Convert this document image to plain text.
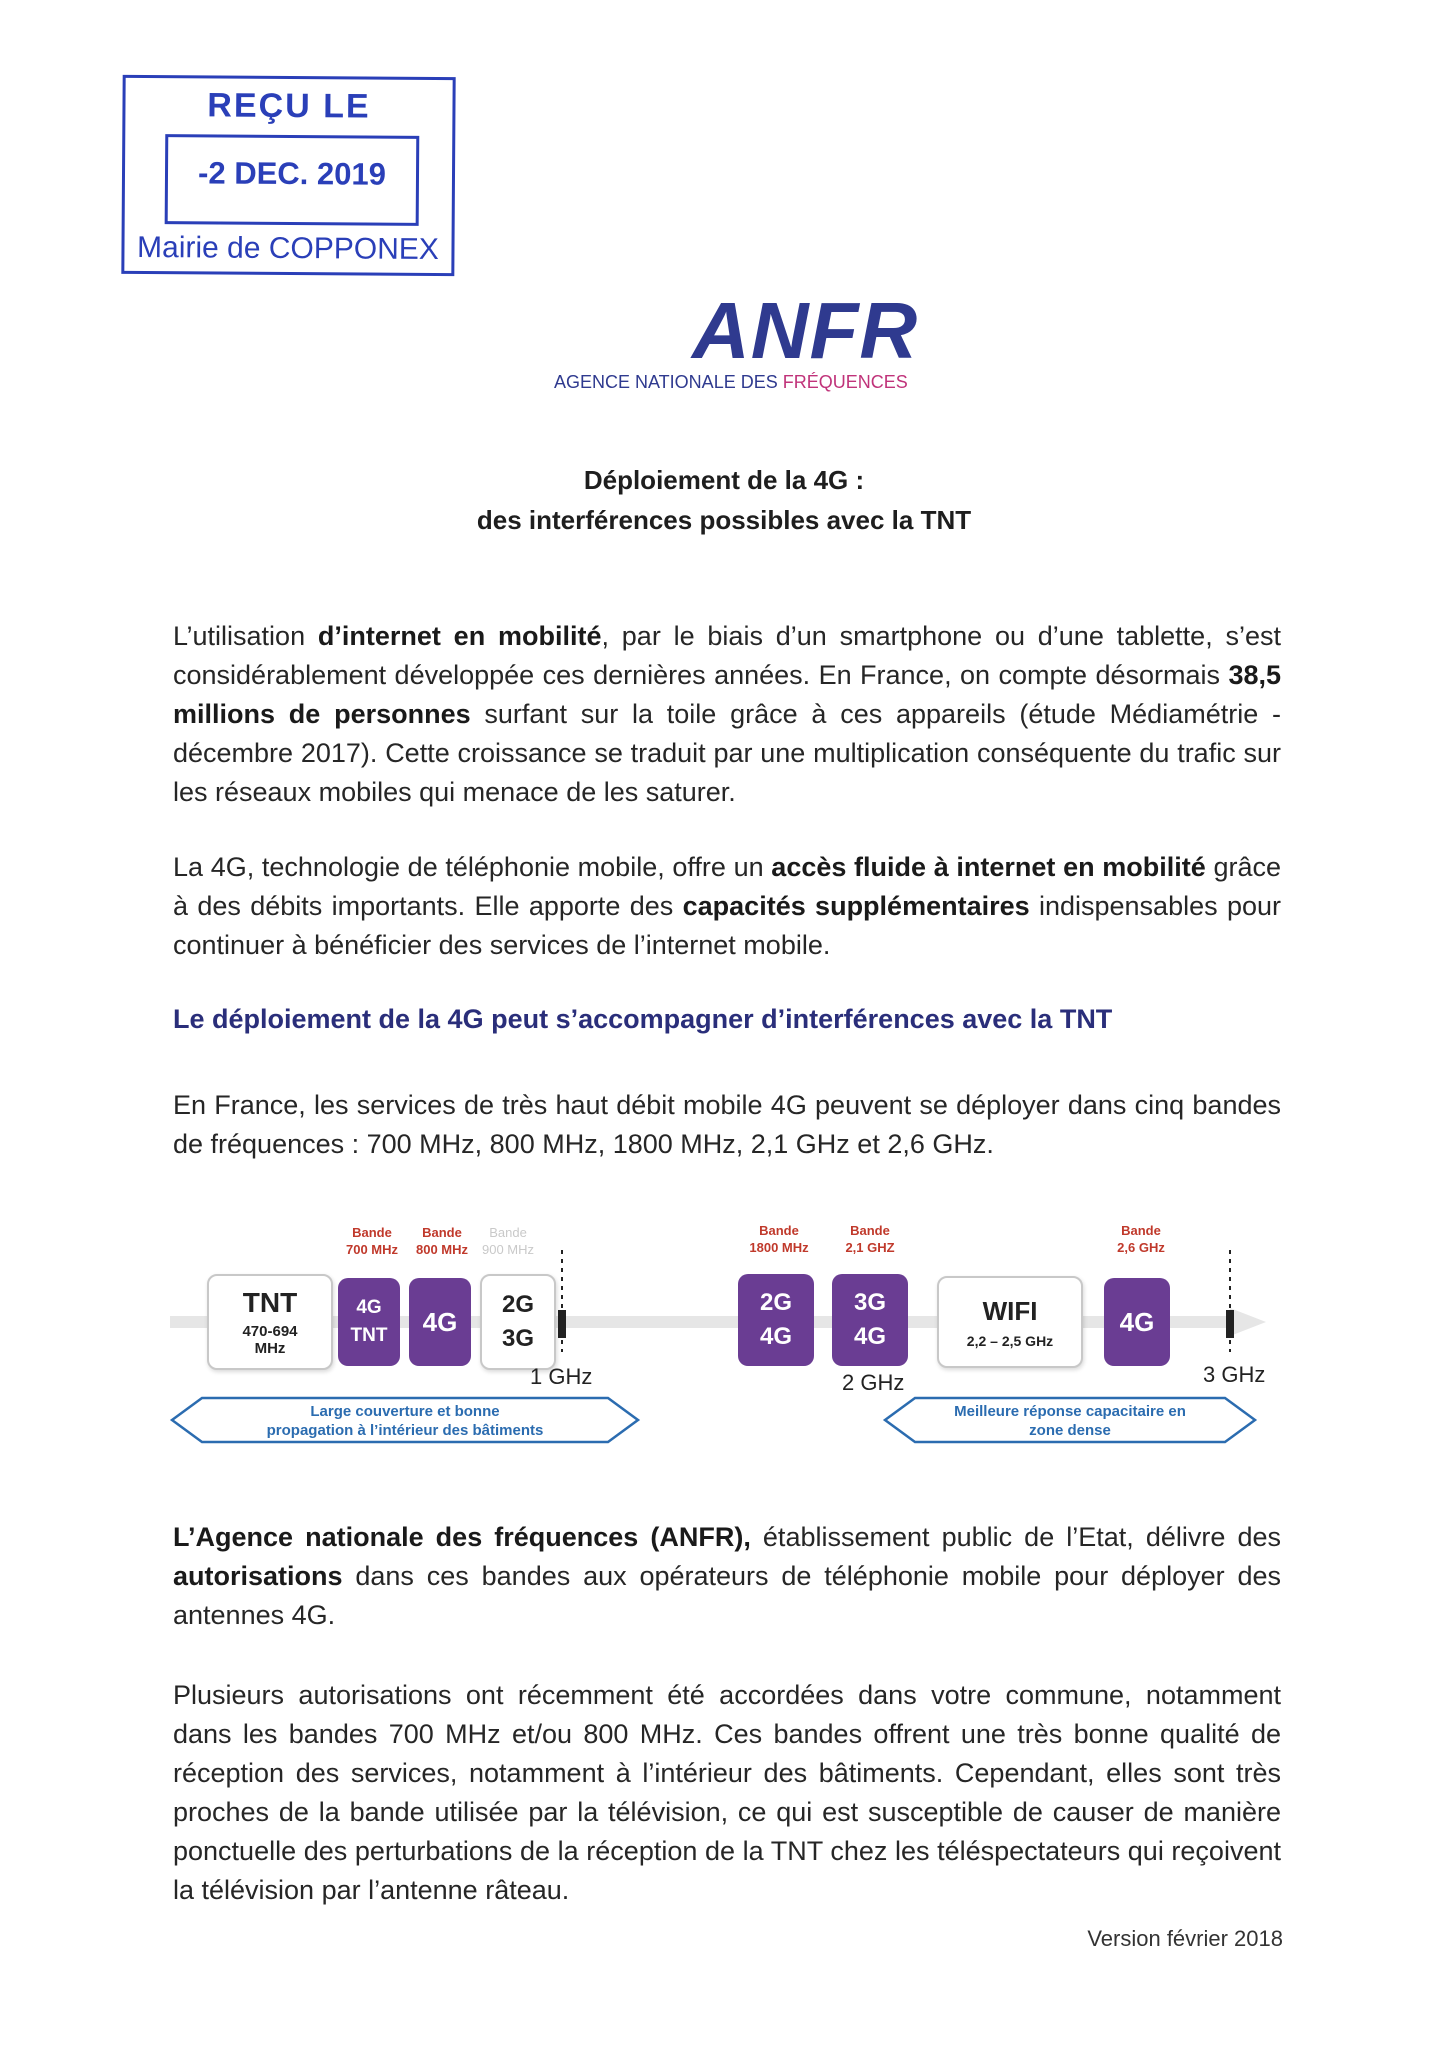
REÇU LE
-2 DEC. 2019
Mairie de COPPONEX
ANFR
AGENCE NATIONALE DES FRÉQUENCES
Déploiement de la 4G :
des interférences possibles avec la TNT
L’utilisation d’internet en mobilité, par le biais d’un smartphone ou d’une tablette, s’est considérablement développée ces dernières années. En France, on compte désormais 38,5 millions de personnes surfant sur la toile grâce à ces appareils (étude Médiamétrie - décembre 2017). Cette croissance se traduit par une multiplication conséquente du trafic sur les réseaux mobiles qui menace de les saturer.
La 4G, technologie de téléphonie mobile, offre un accès fluide à internet en mobilité grâce à des débits importants. Elle apporte des capacités supplémentaires indispensables pour continuer à bénéficier des services de l’internet mobile.
Le déploiement de la 4G peut s’accompagner d’interférences avec la TNT
En France, les services de très haut débit mobile 4G peuvent se déployer dans cinq bandes de fréquences : 700 MHz, 800 MHz, 1800 MHz, 2,1 GHz et 2,6 GHz.
Bande
700 MHz
Bande
800 MHz
Bande
900 MHz
Bande
1800 MHz
Bande
2,1 GHZ
Bande
2,6 GHz
TNT
470-694
MHz
4G
TNT 4G
2G
3G
2G
4G
3G
4G
WIFI
2,2 – 2,5 GHz
4G
1 GHz	2 GHz	3 GHz
Large couverture et bonne
propagation à l’intérieur des bâtiments
Meilleure réponse capacitaire en
zone dense
L’Agence nationale des fréquences (ANFR), établissement public de l’Etat, délivre des autorisations dans ces bandes aux opérateurs de téléphonie mobile pour déployer des antennes 4G.
Plusieurs autorisations ont récemment été accordées dans votre commune, notamment dans les bandes 700 MHz et/ou 800 MHz. Ces bandes offrent une très bonne qualité de réception des services, notamment à l’intérieur des bâtiments. Cependant, elles sont très proches de la bande utilisée par la télévision, ce qui est susceptible de causer de manière ponctuelle des perturbations de la réception de la TNT chez les téléspectateurs qui reçoivent la télévision par l’antenne râteau.
Version février 2018
